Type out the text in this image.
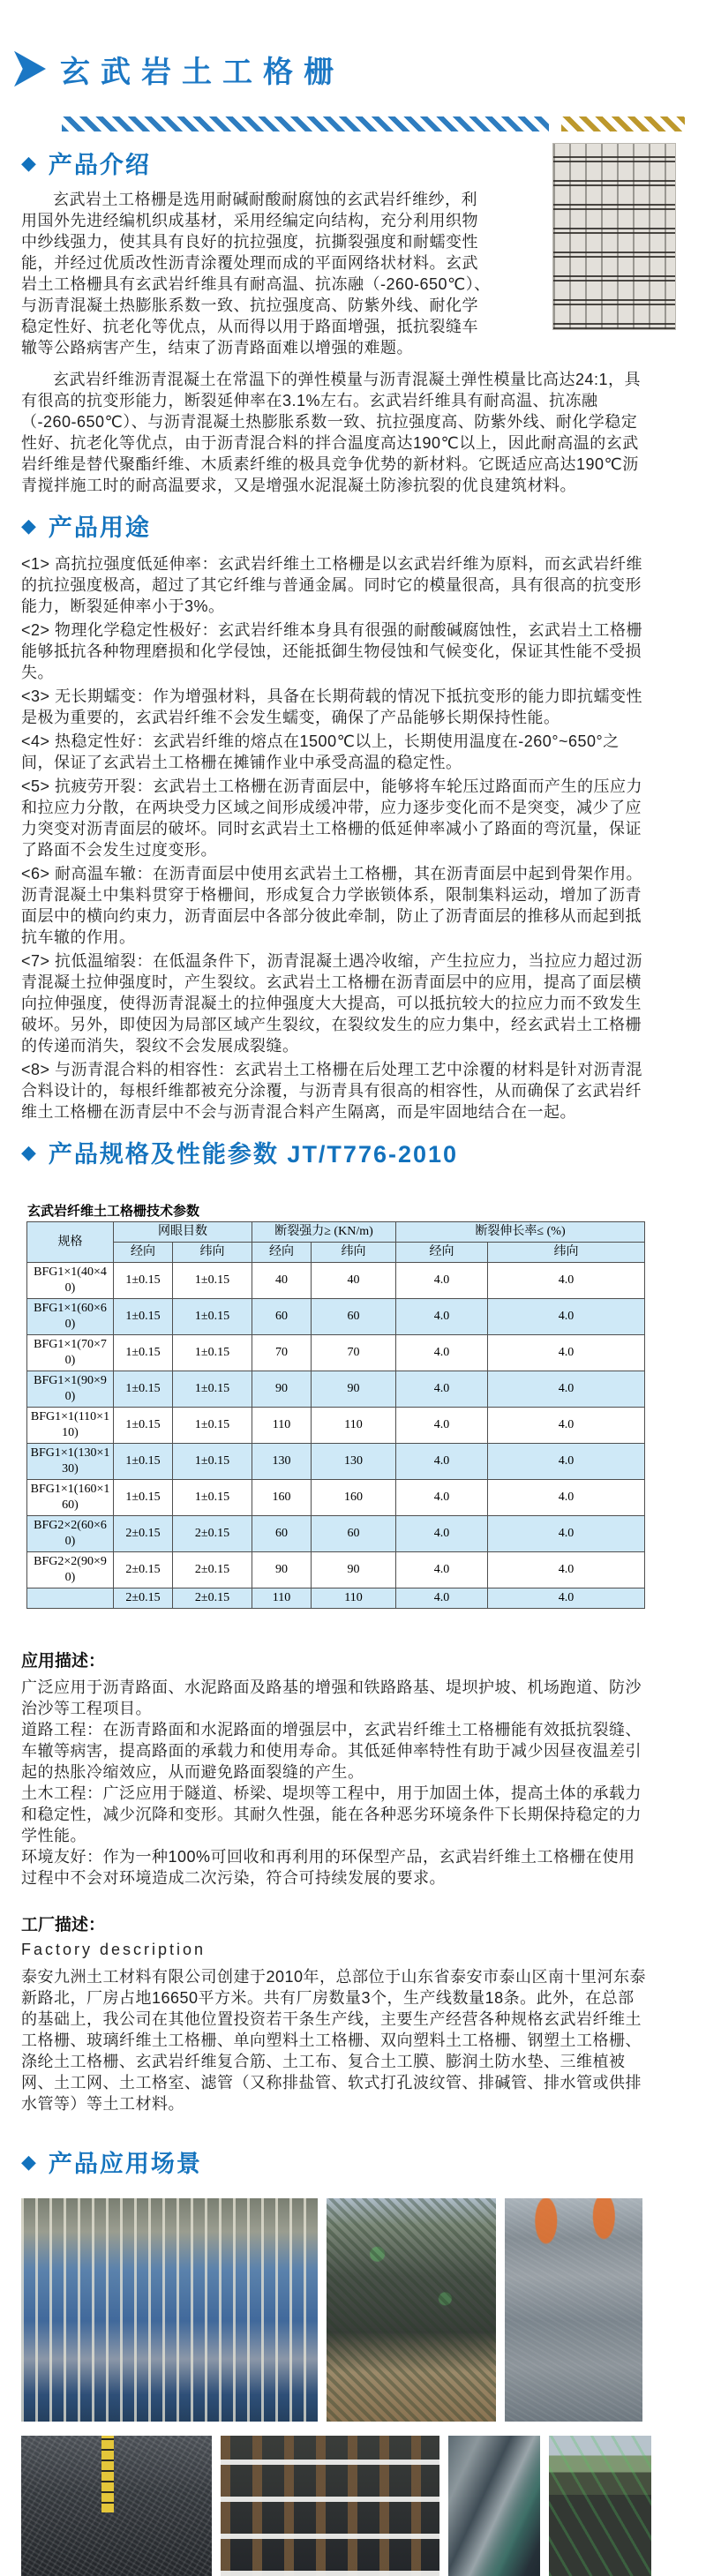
玄武岩土工格栅
◆
产品介绍

玄武岩土工格栅是选用耐碱耐酸耐腐蚀的玄武岩纤维纱，利用国外先进经编机织成基材，采用经编定向结构，充分利用织物中纱线强力，使其具有良好的抗拉强度，抗撕裂强度和耐蠕变性能，并经过优质改性沥青涂覆处理而成的平面网络状材料。玄武岩土工格栅具有玄武岩纤维具有耐高温、抗冻融（-260-650℃）、与沥青混凝土热膨胀系数一致、抗拉强度高、防紫外线、耐化学稳定性好、抗老化等优点，从而得以用于路面增强，抵抗裂缝车辙等公路病害产生，结束了沥青路面难以增强的难题。

玄武岩纤维沥青混凝土在常温下的弹性模量与沥青混凝土弹性模量比高达24:1，具有很高的抗变形能力，断裂延伸率在3.1%左右。玄武岩纤维具有耐高温、抗冻融（-260-650℃）、与沥青混凝土热膨胀系数一致、抗拉强度高、防紫外线、耐化学稳定性好、抗老化等优点，由于沥青混合料的拌合温度高达190℃以上，因此耐高温的玄武岩纤维是替代聚酯纤维、木质素纤维的极具竞争优势的新材料。它既适应高达190℃沥青搅拌施工时的耐高温要求，又是增强水泥混凝土防渗抗裂的优良建筑材料。

◆
产品用途

<1> 高抗拉强度低延伸率：玄武岩纤维土工格栅是以玄武岩纤维为原料，而玄武岩纤维的抗拉强度极高，超过了其它纤维与普通金属。同时它的模量很高，具有很高的抗变形能力，断裂延伸率小于3%。

<2> 物理化学稳定性极好：玄武岩纤维本身具有很强的耐酸碱腐蚀性，玄武岩土工格栅能够抵抗各种物理磨损和化学侵蚀，还能抵御生物侵蚀和气候变化，保证其性能不受损失。

<3> 无长期蠕变：作为增强材料，具备在长期荷载的情况下抵抗变形的能力即抗蠕变性是极为重要的，玄武岩纤维不会发生蠕变，确保了产品能够长期保持性能。

<4> 热稳定性好：玄武岩纤维的熔点在1500℃以上，长期使用温度在-260°~650°之间，保证了玄武岩土工格栅在摊铺作业中承受高温的稳定性。

<5> 抗疲劳开裂：玄武岩土工格栅在沥青面层中，能够将车轮压过路面而产生的压应力和拉应力分散，在两块受力区域之间形成缓冲带，应力逐步变化而不是突变，减少了应力突变对沥青面层的破坏。同时玄武岩土工格栅的低延伸率减小了路面的弯沉量，保证了路面不会发生过度变形。

<6> 耐高温车辙：在沥青面层中使用玄武岩土工格栅，其在沥青面层中起到骨架作用。沥青混凝土中集料贯穿于格栅间，形成复合力学嵌锁体系，限制集料运动，增加了沥青面层中的横向约束力，沥青面层中各部分彼此牵制，防止了沥青面层的推移从而起到抵抗车辙的作用。

<7> 抗低温缩裂：在低温条件下，沥青混凝土遇冷收缩，产生拉应力，当拉应力超过沥青混凝土拉伸强度时，产生裂纹。玄武岩土工格栅在沥青面层中的应用，提高了面层横向拉伸强度，使得沥青混凝土的拉伸强度大大提高，可以抵抗较大的拉应力而不致发生破坏。另外，即使因为局部区域产生裂纹，在裂纹发生的应力集中，经玄武岩土工格栅的传递而消失，裂纹不会发展成裂缝。

<8> 与沥青混合料的相容性：玄武岩土工格栅在后处理工艺中涂覆的材料是针对沥青混合料设计的，每根纤维都被充分涂覆，与沥青具有很高的相容性，从而确保了玄武岩纤维土工格栅在沥青层中不会与沥青混合料产生隔离，而是牢固地结合在一起。

◆
产品规格及性能参数 JT/T776-2010
玄武岩纤维土工格栅技术参数
规格	网眼目数		断裂强力≥ (KN/m)		断裂伸长率≤ (%)	
	经向	纬向	经向	纬向	经向	纬向
BFG1×1(40×40)	1±0.15	1±0.15	40	40	4.0	4.0
BFG1×1(60×60)	1±0.15	1±0.15	60	60	4.0	4.0
BFG1×1(70×70)	1±0.15	1±0.15	70	70	4.0	4.0
BFG1×1(90×90)	1±0.15	1±0.15	90	90	4.0	4.0
BFG1×1(110×110)	1±0.15	1±0.15	110	110	4.0	4.0
BFG1×1(130×130)	1±0.15	1±0.15	130	130	4.0	4.0
BFG1×1(160×160)	1±0.15	1±0.15	160	160	4.0	4.0
BFG2×2(60×60)	2±0.15	2±0.15	60	60	4.0	4.0
BFG2×2(90×90)	2±0.15	2±0.15	90	90	4.0	4.0
	2±0.15	2±0.15	110	110	4.0	4.0
应用描述：

广泛应用于沥青路面、水泥路面及路基的增强和铁路路基、堤坝护坡、机场跑道、防沙治沙等工程项目。

道路工程：在沥青路面和水泥路面的增强层中，玄武岩纤维土工格栅能有效抵抗裂缝、车辙等病害，提高路面的承载力和使用寿命。其低延伸率特性有助于减少因昼夜温差引起的热胀冷缩效应，从而避免路面裂缝的产生。

土木工程：广泛应用于隧道、桥梁、堤坝等工程中，用于加固土体，提高土体的承载力和稳定性，减少沉降和变形。其耐久性强，能在各种恶劣环境条件下长期保持稳定的力学性能。

环境友好：作为一种100%可回收和再利用的环保型产品，玄武岩纤维土工格栅在使用过程中不会对环境造成二次污染，符合可持续发展的要求。

工厂描述：
Factory description

泰安九洲土工材料有限公司创建于2010年，总部位于山东省泰安市泰山区南十里河东泰新路北，厂房占地16650平方米。共有厂房数量3个，生产线数量18条。此外，在总部的基础上，我公司在其他位置投资若干条生产线，主要生产经营各种规格玄武岩纤维土工格栅、玻璃纤维土工格栅、单向塑料土工格栅、双向塑料土工格栅、钢塑土工格栅、涤纶土工格栅、玄武岩纤维复合筋、土工布、复合土工膜、膨润土防水垫、三维植被网、土工网、土工格室、滤管（又称排盐管、软式打孔波纹管、排碱管、排水管或供排水管等）等土工材料。

◆
产品应用场景
